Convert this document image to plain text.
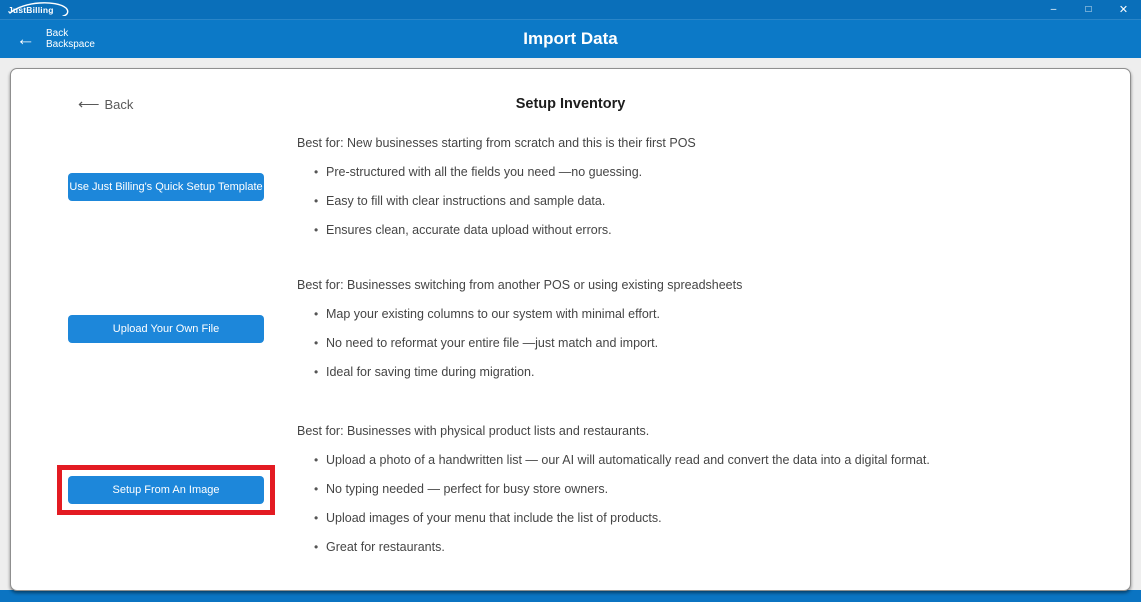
JustBilling	–	□	✕
← Back
Backspace	Import Data
⟵ Back	Setup Inventory
Use Just Billing's Quick Setup Template

Best for: New businesses starting from scratch and this is their first POS

• Pre-structured with all the fields you need —no guessing.
• Easy to fill with clear instructions and sample data.
• Ensures clean, accurate data upload without errors.
Upload Your Own File

Best for: Businesses switching from another POS or using existing spreadsheets

• Map your existing columns to our system with minimal effort.
• No need to reformat your entire file —just match and import.
• Ideal for saving time during migration.
Setup From An Image

Best for: Businesses with physical product lists and restaurants.

• Upload a photo of a handwritten list — our AI will automatically read and convert the data into a digital format.
• No typing needed — perfect for busy store owners.
• Upload images of your menu that include the list of products.
• Great for restaurants.
